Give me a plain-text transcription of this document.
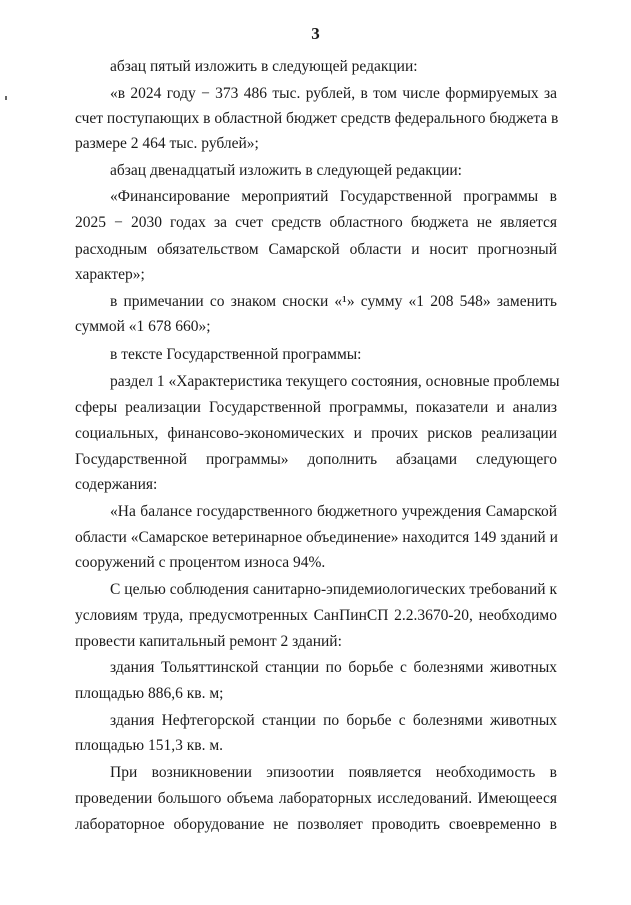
3
абзац пятый изложить в следующей редакции:
«в 2024 году − 373 486 тыс. рублей, в том числе формируемых за
счет поступающих в областной бюджет средств федерального бюджета в
размере 2 464 тыс. рублей»;
абзац двенадцатый изложить в следующей редакции:
«Финансирование мероприятий Государственной программы в
2025 − 2030 годах за счет средств областного бюджета не является
расходным обязательством Самарской области и носит прогнозный
характер»;
в примечании со знаком сноски «¹» сумму «1 208 548» заменить
суммой «1 678 660»;
в тексте Государственной программы:
раздел 1 «Характеристика текущего состояния, основные проблемы
сферы реализации Государственной программы, показатели и анализ
социальных, финансово-экономических и прочих рисков реализации
Государственной программы» дополнить абзацами следующего
содержания:
«На балансе государственного бюджетного учреждения Самарской
области «Самарское ветеринарное объединение» находится 149 зданий и
сооружений с процентом износа 94%.
С целью соблюдения санитарно-эпидемиологических требований к
условиям труда, предусмотренных СанПинСП 2.2.3670-20, необходимо
провести капитальный ремонт 2 зданий:
здания Тольяттинской станции по борьбе с болезнями животных
площадью 886,6 кв. м;
здания Нефтегорской станции по борьбе с болезнями животных
площадью 151,3 кв. м.
При возникновении эпизоотии появляется необходимость в
проведении большого объема лабораторных исследований. Имеющееся
лабораторное оборудование не позволяет проводить своевременно в
